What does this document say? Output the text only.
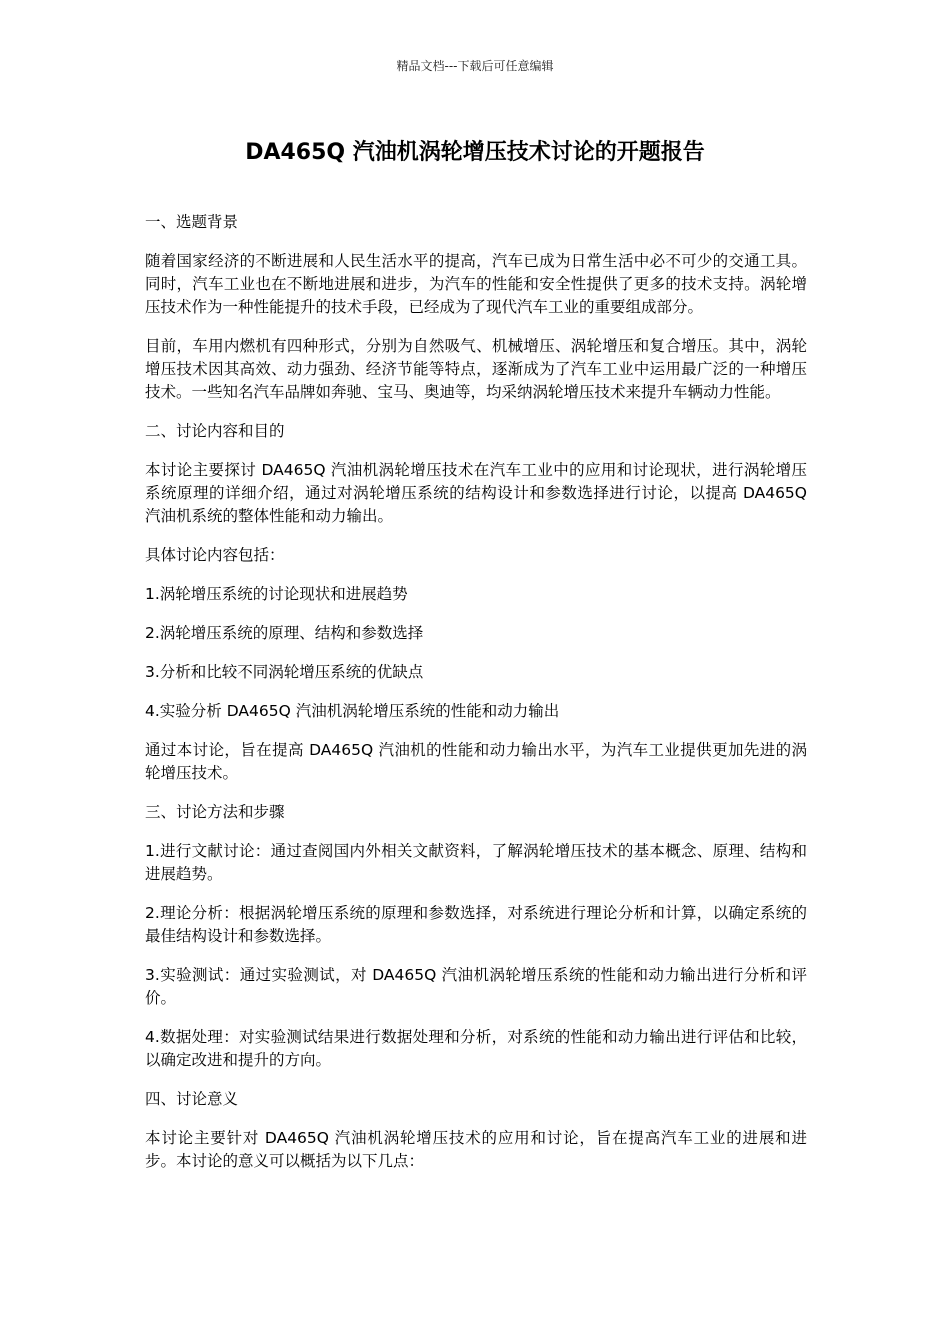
精品文档---下载后可任意编辑
DA465Q 汽油机涡轮增压技术讨论的开题报告

一、选题背景

随着国家经济的不断进展和人民生活水平的提高，汽车已成为日常生活中必不可少的交通工具。同时，汽车工业也在不断地进展和进步，为汽车的性能和安全性提供了更多的技术支持。涡轮增压技术作为一种性能提升的技术手段，已经成为了现代汽车工业的重要组成部分。

目前，车用内燃机有四种形式，分别为自然吸气、机械增压、涡轮增压和复合增压。其中，涡轮增压技术因其高效、动力强劲、经济节能等特点，逐渐成为了汽车工业中运用最广泛的一种增压技术。一些知名汽车品牌如奔驰、宝马、奥迪等，均采纳涡轮增压技术来提升车辆动力性能。

二、讨论内容和目的

本讨论主要探讨 DA465Q 汽油机涡轮增压技术在汽车工业中的应用和讨论现状，进行涡轮增压系统原理的详细介绍，通过对涡轮增压系统的结构设计和参数选择进行讨论，以提高 DA465Q 汽油机系统的整体性能和动力输出。

具体讨论内容包括：

1.涡轮增压系统的讨论现状和进展趋势

2.涡轮增压系统的原理、结构和参数选择

3.分析和比较不同涡轮增压系统的优缺点

4.实验分析 DA465Q 汽油机涡轮增压系统的性能和动力输出

通过本讨论，旨在提高 DA465Q 汽油机的性能和动力输出水平，为汽车工业提供更加先进的涡轮增压技术。

三、讨论方法和步骤

1.进行文献讨论：通过查阅国内外相关文献资料，了解涡轮增压技术的基本概念、原理、结构和进展趋势。

2.理论分析：根据涡轮增压系统的原理和参数选择，对系统进行理论分析和计算，以确定系统的最佳结构设计和参数选择。

3.实验测试：通过实验测试，对 DA465Q 汽油机涡轮增压系统的性能和动力输出进行分析和评价。

4.数据处理：对实验测试结果进行数据处理和分析，对系统的性能和动力输出进行评估和比较，以确定改进和提升的方向。

四、讨论意义

本讨论主要针对 DA465Q 汽油机涡轮增压技术的应用和讨论，旨在提高汽车工业的进展和进步。本讨论的意义可以概括为以下几点：
